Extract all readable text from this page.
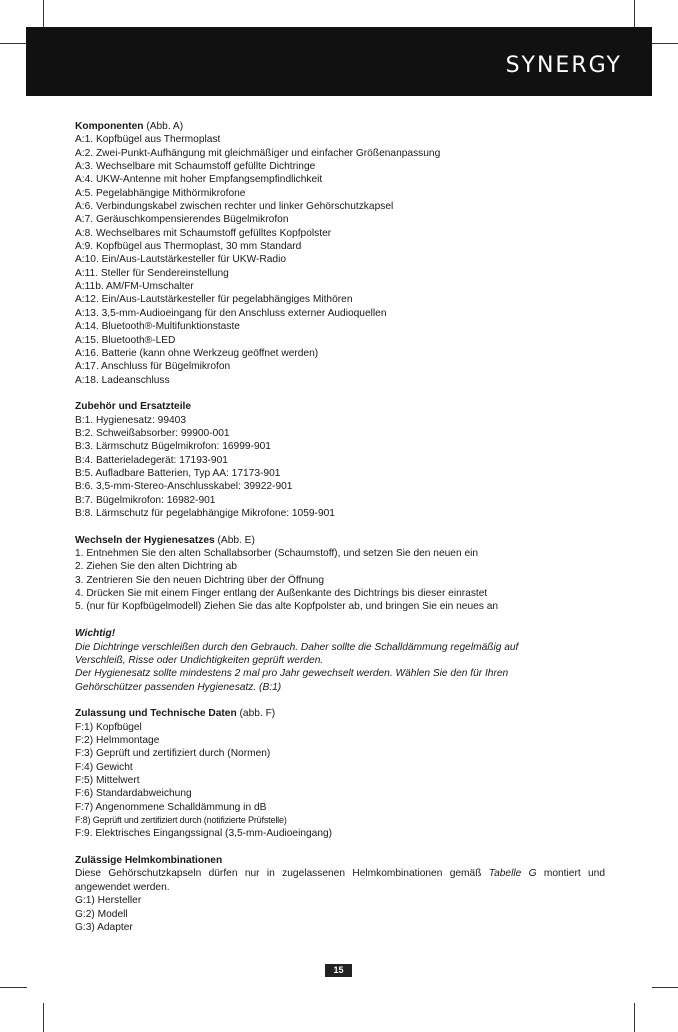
SYNERGY
Komponenten (Abb. A)
A:1. Kopfbügel aus Thermoplast
A:2. Zwei-Punkt-Aufhängung mit gleichmäßiger und einfacher Größenanpassung
A:3. Wechselbare mit Schaumstoff gefüllte Dichtringe
A:4. UKW-Antenne mit hoher Empfangsempfindlichkeit
A:5. Pegelabhängige Mithörmikrofone
A:6. Verbindungskabel zwischen rechter und linker Gehörschutzkapsel
A:7. Geräuschkompensierendes Bügelmikrofon
A:8. Wechselbares mit Schaumstoff gefülltes Kopfpolster
A:9. Kopfbügel aus Thermoplast, 30 mm Standard
A:10. Ein/Aus-Lautstärkesteller für UKW-Radio
A:11. Steller für Sendereinstellung
A:11b. AM/FM-Umschalter
A:12. Ein/Aus-Lautstärkesteller für pegelabhängiges Mithören
A:13. 3,5-mm-Audioeingang für den Anschluss externer Audioquellen
A:14. Bluetooth®-Multifunktionstaste
A:15. Bluetooth®-LED
A:16. Batterie (kann ohne Werkzeug geöffnet werden)
A:17. Anschluss für Bügelmikrofon
A:18. Ladeanschluss
Zubehör und Ersatzteile
B:1. Hygienesatz: 99403
B:2. Schweißabsorber: 99900-001
B:3. Lärmschutz Bügelmikrofon: 16999-901
B:4. Batterieladegerät: 17193-901
B:5. Aufladbare Batterien, Typ AA: 17173-901
B:6. 3,5-mm-Stereo-Anschlusskabel: 39922-901
B:7. Bügelmikrofon: 16982-901
B:8. Lärmschutz für pegelabhängige Mikrofone: 1059-901
Wechseln der Hygienesatzes (Abb. E)
1. Entnehmen Sie den alten Schallabsorber (Schaumstoff), und setzen Sie den neuen ein
2. Ziehen Sie den alten Dichtring ab
3. Zentrieren Sie den neuen Dichtring über der Öffnung
4. Drücken Sie mit einem Finger entlang der Außenkante des Dichtrings bis dieser einrastet
5. (nur für Kopfbügelmodell) Ziehen Sie das alte Kopfpolster ab, und bringen Sie ein neues an
Wichtig!
Die Dichtringe verschleißen durch den Gebrauch. Daher sollte die Schalldämmung regelmäßig auf
Verschleiß, Risse oder Undichtigkeiten geprüft werden.
Der Hygienesatz sollte mindestens 2 mal pro Jahr gewechselt werden. Wählen Sie den für Ihren
Gehörschützer passenden Hygienesatz. (B:1)
Zulassung und Technische Daten (abb. F)
F:1) Kopfbügel
F:2) Helmmontage
F:3) Geprüft und zertifiziert durch (Normen)
F:4) Gewicht
F:5) Mittelwert
F:6) Standardabweichung
F:7) Angenommene Schalldämmung in dB
F:8) Geprüft und zertifiziert durch (notifizierte Prüfstelle)
F:9. Elektrisches Eingangssignal (3,5-mm-Audioeingang)
Zulässige Helmkombinationen
Diese Gehörschutzkapseln dürfen nur in zugelassenen Helmkombinationen gemäß Tabelle G montiert und angewendet werden.
G:1) Hersteller
G:2) Modell
G:3) Adapter
15
